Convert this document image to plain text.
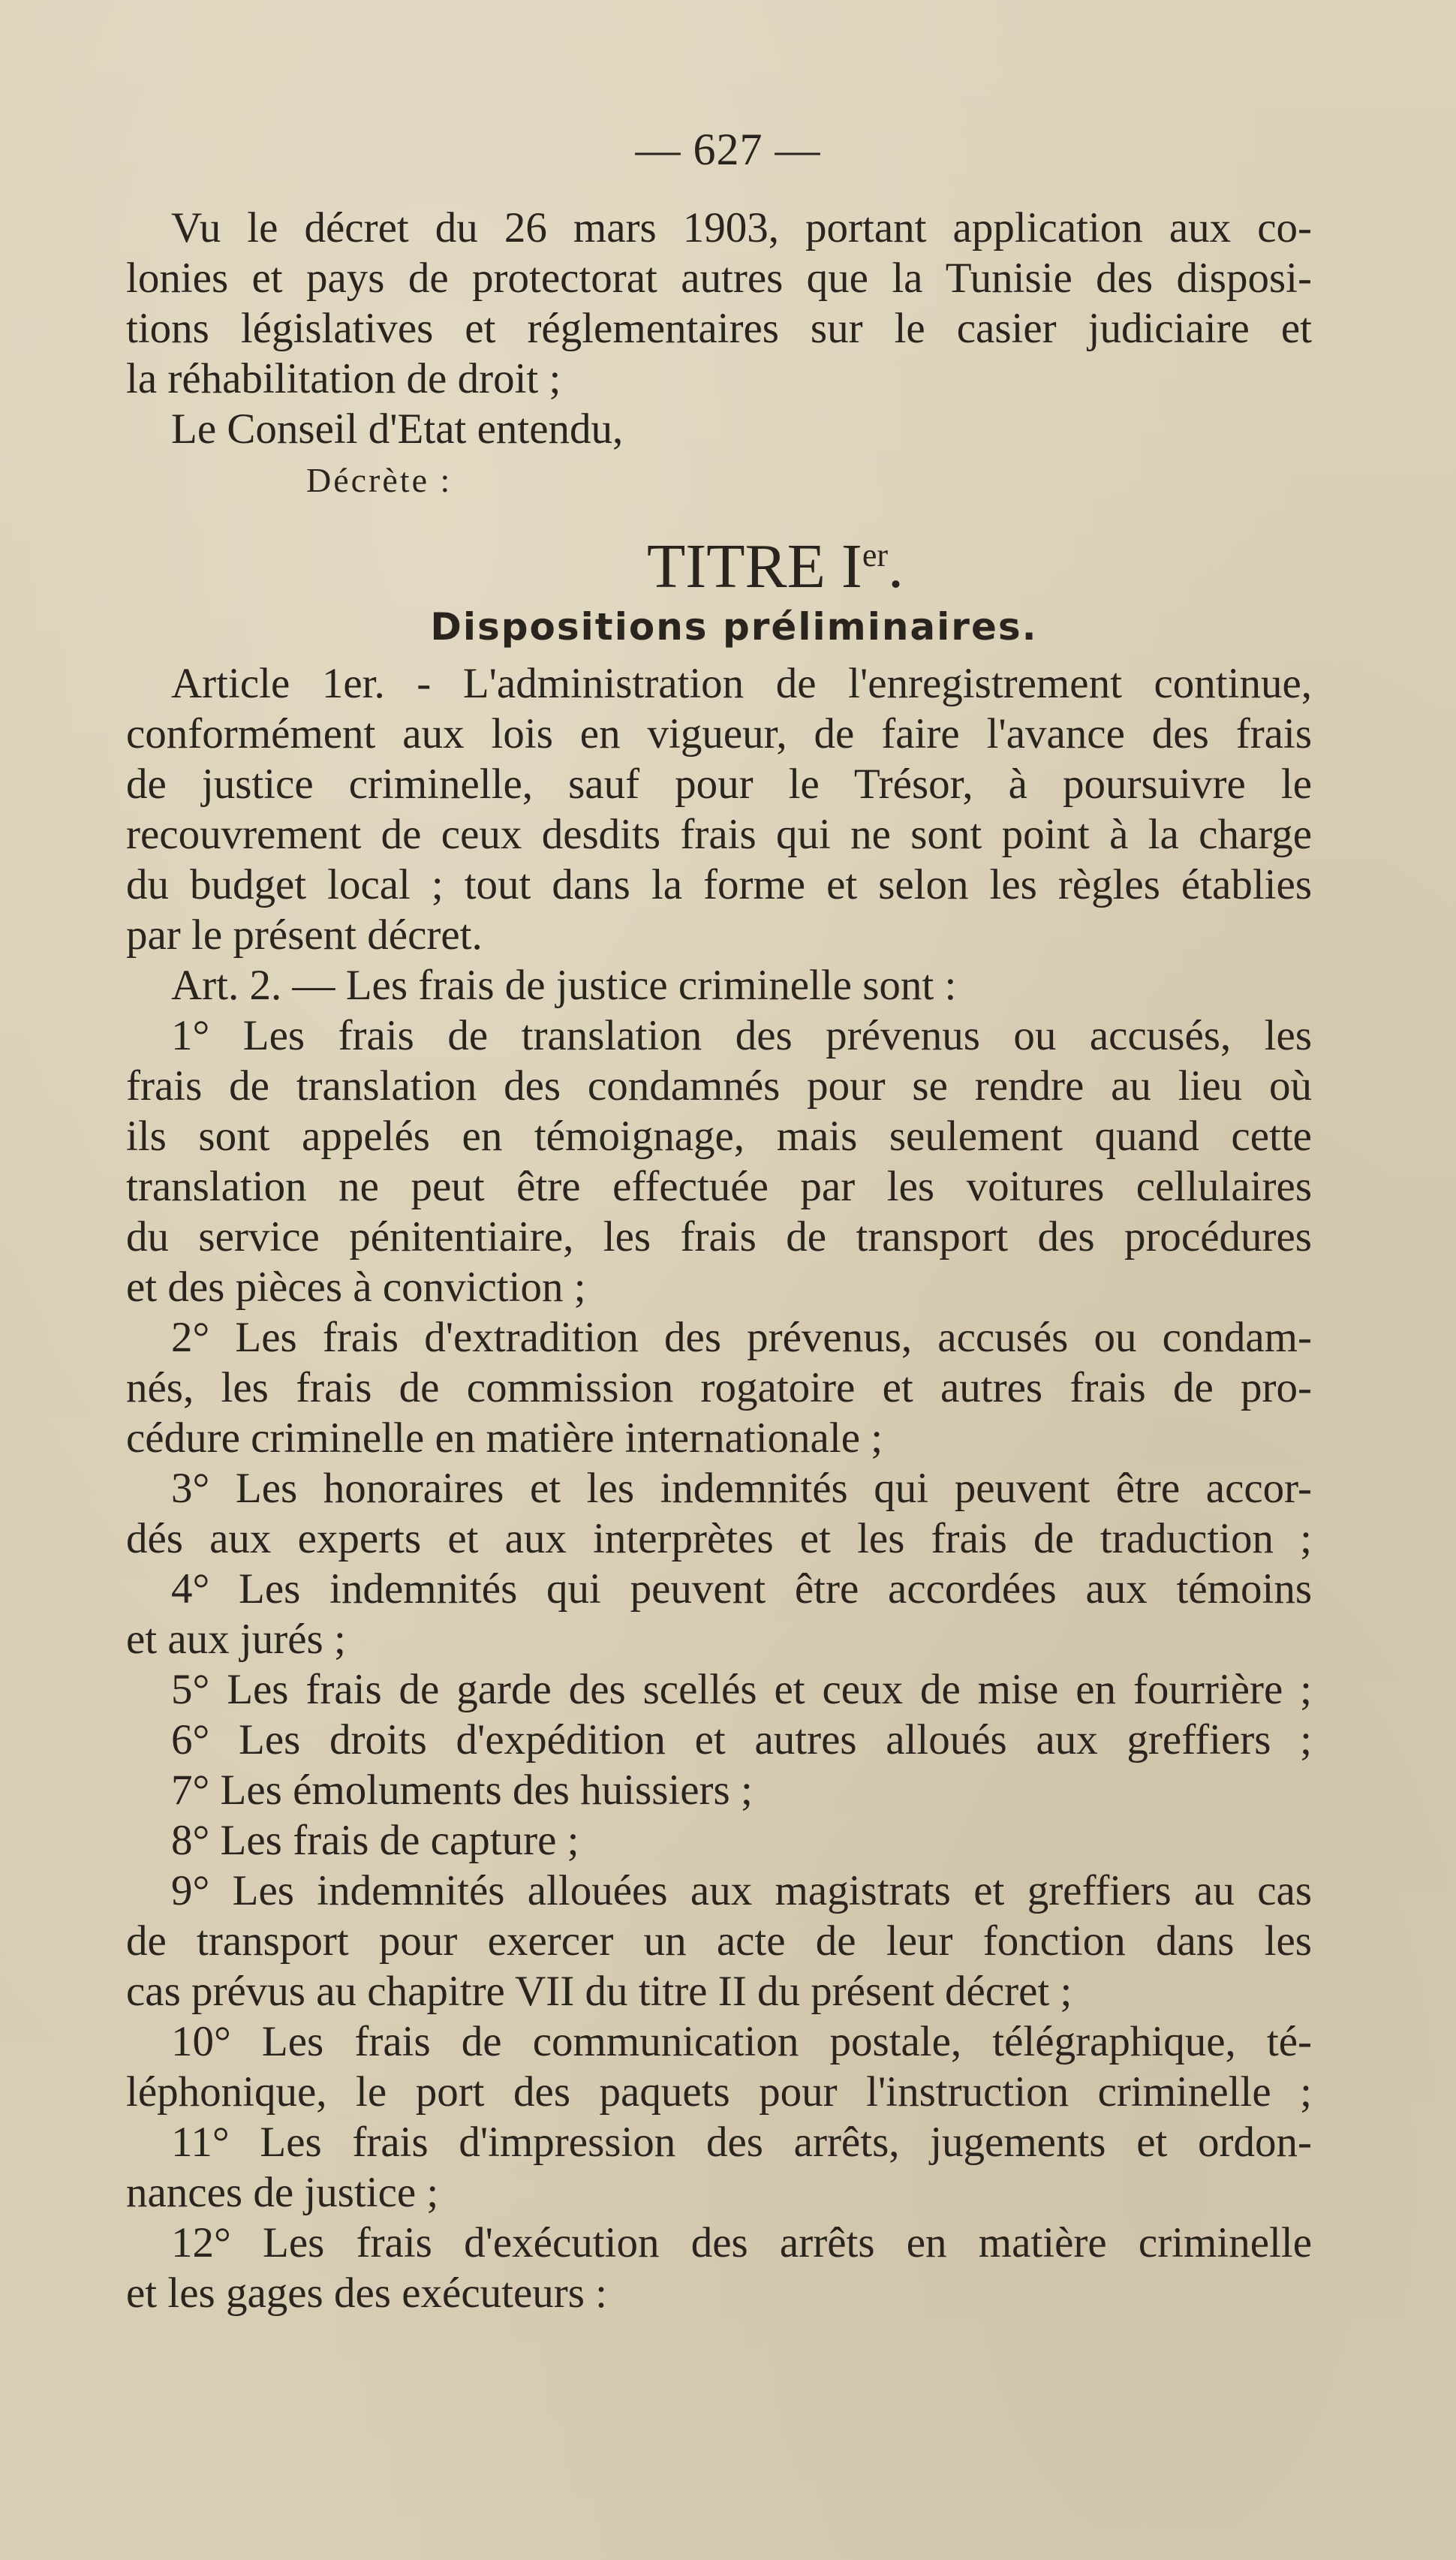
— 627 —
Vu le décret du 26 mars 1903, portant application aux co-
lonies et pays de protectorat autres que la Tunisie des disposi-
tions législatives et réglementaires sur le casier judiciaire et
la réhabilitation de droit ;
Le Conseil d'Etat entendu,
Décrète :
TITRE Ier.
Dispositions préliminaires.
Article 1er. - L'administration de l'enregistrement continue,
conformément aux lois en vigueur, de faire l'avance des frais
de justice criminelle, sauf pour le Trésor, à poursuivre le
recouvrement de ceux desdits frais qui ne sont point à la charge
du budget local ; tout dans la forme et selon les règles établies
par le présent décret.
Art. 2. — Les frais de justice criminelle sont :
1° Les frais de translation des prévenus ou accusés, les
frais de translation des condamnés pour se rendre au lieu où
ils sont appelés en témoignage, mais seulement quand cette
translation ne peut être effectuée par les voitures cellulaires
du service pénitentiaire, les frais de transport des procédures
et des pièces à conviction ;
2° Les frais d'extradition des prévenus, accusés ou condam-
nés, les frais de commission rogatoire et autres frais de pro-
cédure criminelle en matière internationale ;
3° Les honoraires et les indemnités qui peuvent être accor-
dés aux experts et aux interprètes et les frais de traduction ;
4° Les indemnités qui peuvent être accordées aux témoins
et aux jurés ;
5° Les frais de garde des scellés et ceux de mise en fourrière ;
6° Les droits d'expédition et autres alloués aux greffiers ;
7° Les émoluments des huissiers ;
8° Les frais de capture ;
9° Les indemnités allouées aux magistrats et greffiers au cas
de transport pour exercer un acte de leur fonction dans les
cas prévus au chapitre VII du titre II du présent décret ;
10° Les frais de communication postale, télégraphique, té-
léphonique, le port des paquets pour l'instruction criminelle ;
11° Les frais d'impression des arrêts, jugements et ordon-
nances de justice ;
12° Les frais d'exécution des arrêts en matière criminelle
et les gages des exécuteurs :
